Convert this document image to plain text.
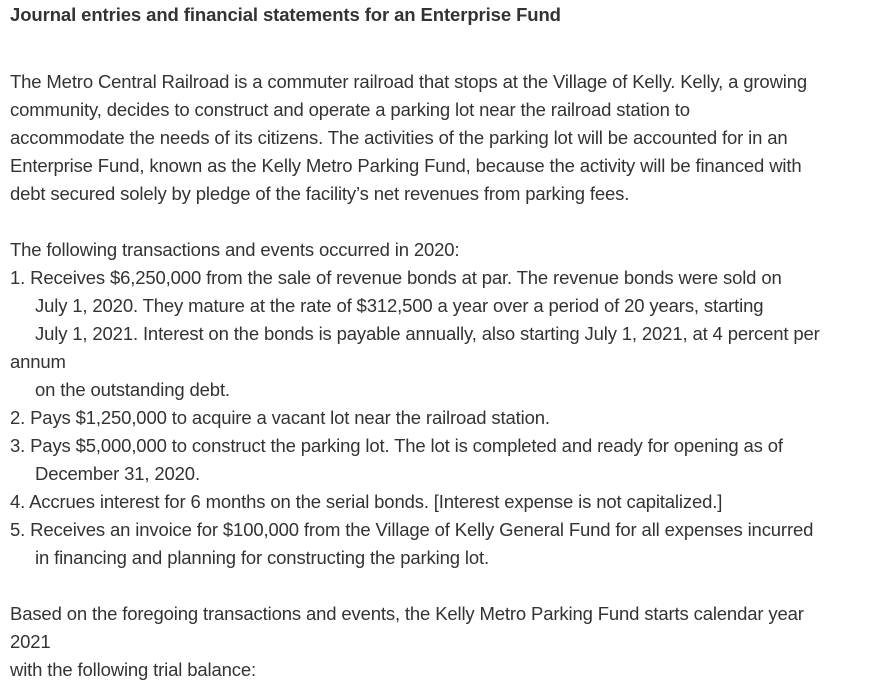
Journal entries and financial statements for an Enterprise Fund
The Metro Central Railroad is a commuter railroad that stops at the Village of Kelly. Kelly, a growing
community, decides to construct and operate a parking lot near the railroad station to
accommodate the needs of its citizens. The activities of the parking lot will be accounted for in an
Enterprise Fund, known as the Kelly Metro Parking Fund, because the activity will be financed with
debt secured solely by pledge of the facility’s net revenues from parking fees.
The following transactions and events occurred in 2020:
1. Receives $6,250,000 from the sale of revenue bonds at par. The revenue bonds were sold on
July 1, 2020. They mature at the rate of $312,500 a year over a period of 20 years, starting
July 1, 2021. Interest on the bonds is payable annually, also starting July 1, 2021, at 4 percent per
annum
on the outstanding debt.
2. Pays $1,250,000 to acquire a vacant lot near the railroad station.
3. Pays $5,000,000 to construct the parking lot. The lot is completed and ready for opening as of
December 31, 2020.
4. Accrues interest for 6 months on the serial bonds. [Interest expense is not capitalized.]
5. Receives an invoice for $100,000 from the Village of Kelly General Fund for all expenses incurred
in financing and planning for constructing the parking lot.
Based on the foregoing transactions and events, the Kelly Metro Parking Fund starts calendar year
2021
with the following trial balance:
